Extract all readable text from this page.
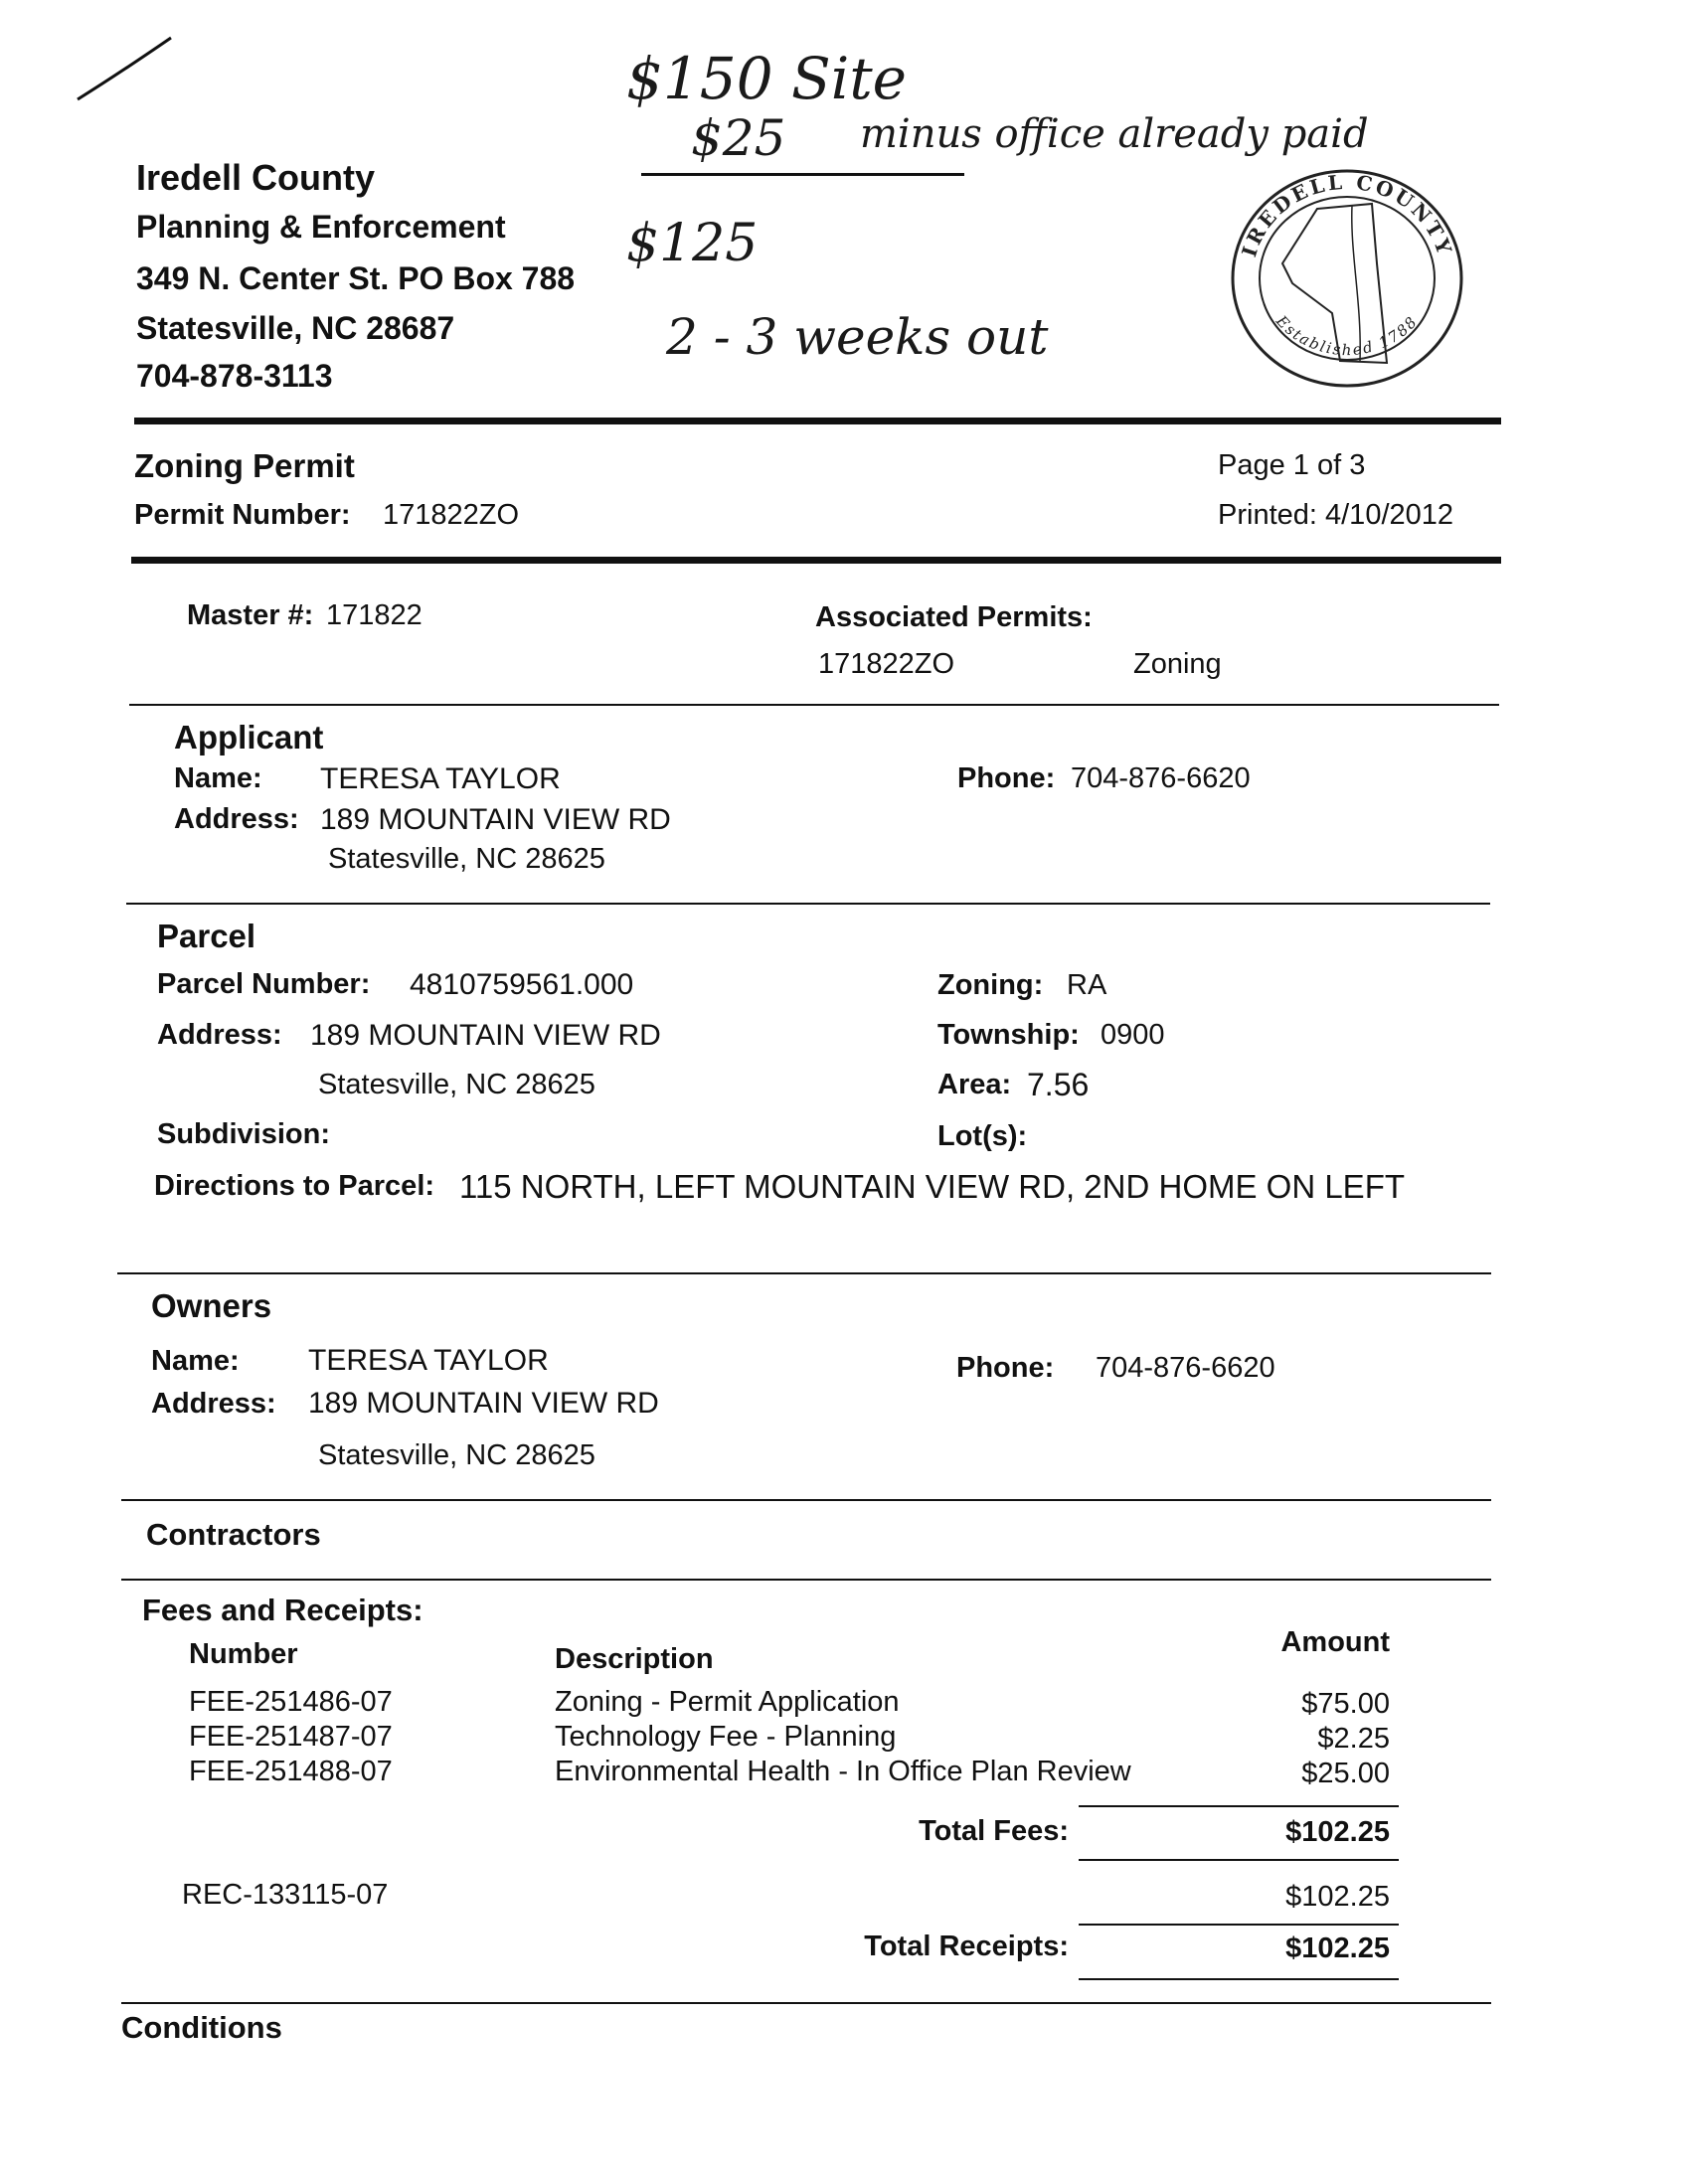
$150 Site
$25 minus office already paid
$125
2 - 3 weeks out
Iredell County
Planning & Enforcement
349 N. Center St. PO Box 788
Statesville, NC 28687
704-878-3113
IREDELL COUNTY
Established 1788
Zoning Permit
Permit Number: 171822ZO
Page 1 of 3
Printed: 4/10/2012
Master #: 171822	Associated Permits:
171822ZO	Zoning
Applicant
Name: TERESA TAYLOR
Address: 189 MOUNTAIN VIEW RD
Statesville, NC 28625
Phone: 704-876-6620
Parcel
Parcel Number: 4810759561.000
Address: 189 MOUNTAIN VIEW RD
Statesville, NC 28625
Subdivision:
Zoning: RA
Township: 0900
Area: 7.56
Lot(s):
Directions to Parcel: 115 NORTH, LEFT MOUNTAIN VIEW RD, 2ND HOME ON LEFT
Owners
Name: TERESA TAYLOR
Address: 189 MOUNTAIN VIEW RD
Statesville, NC 28625
Phone: 704-876-6620
Contractors
Fees and Receipts:
Number	Description
Amount
FEE-251486-07	Zoning - Permit Application	$75.00
FEE-251487-07	Technology Fee - Planning	$2.25
FEE-251488-07	Environmental Health - In Office Plan Review	$25.00
Total Fees:	$102.25
REC-133115-07	$102.25
Total Receipts:	$102.25
Conditions
